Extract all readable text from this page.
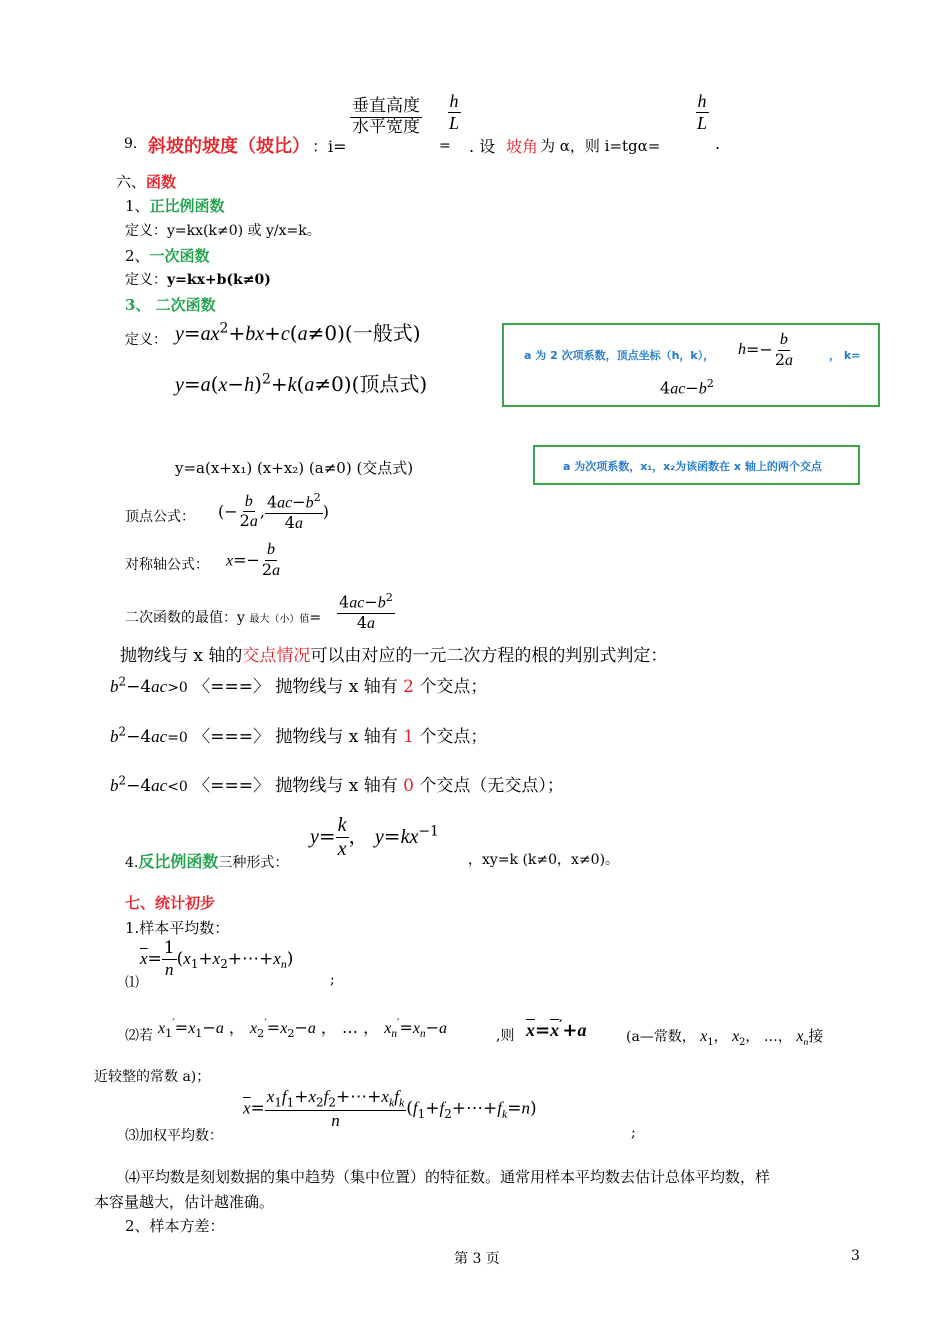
9. 斜坡的坡度（坡比） ：i=
垂直高度
水平宽度
=
$\frac{h}{L}$
. 设 坡角 为 α，则 i=tgα=
$\frac{h}{L}$
.
六、函数
1、正比例函数
定义：y=kx(k≠0) 或 y/x=k。
2、一次函数
定义：y=kx+b(k≠0)
3、 二次函数
定义： $y=ax^2+bx+c(a\ne 0)$(一般式)
$y=a(x-h)^2+k(a\ne 0)$(顶点式)
a 为 2 次项系数，顶点坐标（h，k）， $h =- \frac{b}{2a}$	， k=
$4ac-b^2$
y=a(x+x₁) (x+x₂) (a≠0) (交点式)	a 为次项系数，x₁，x₂为该函数在 x 轴上的两个交点
顶点公式： (− $\frac{b}{2a}$ , $\frac{4ac-b^2}{4a}$ )
对称轴公式： $x=- \frac{b}{2a}$
二次函数的最值：y 最大（小）值= $\frac{4ac-b^2}{4a}$
抛物线与 x 轴的交点情况可以由对应的一元二次方程的根的判别式判定：
$b^2-4ac>0$ 〈===〉 抛物线与 x 轴有 2 个交点；
$b^2-4ac=0$ 〈===〉 抛物线与 x 轴有 1 个交点；
$b^2-4ac<0$ 〈===〉 抛物线与 x 轴有 0 个交点（无交点）；
4.反比例函数三种形式：
$y= \frac{k}{x}$ ， $y=kx^{-1}$
，xy=k (k≠0，x≠0)。
七、统计初步
1.样本平均数：
⑴
$\overline{x}= \frac{1}{n}$ $(x_1+x_2+\cdots+x_n)$
;
⑵若 $x_1'=x_1-a$ ， $x_2'=x_2-a$ ， … ， $x_n'=x_n-a$	,则 $\overline{x}=\overline{x}'+a$	(a—常数， $x_1$， $x_2$， …， $x_n$接
近较整的常数 a)；
⑶加权平均数：
$\overline{x}= \frac{x_1f_1+x_2f_2+\cdots+x_kf_k}{n}$ $(f_1+f_2+\cdots+f_k=n)$
;
⑷平均数是刻划数据的集中趋势（集中位置）的特征数。通常用样本平均数去估计总体平均数，样
本容量越大，估计越准确。
2、样本方差：
第 3 页	3
